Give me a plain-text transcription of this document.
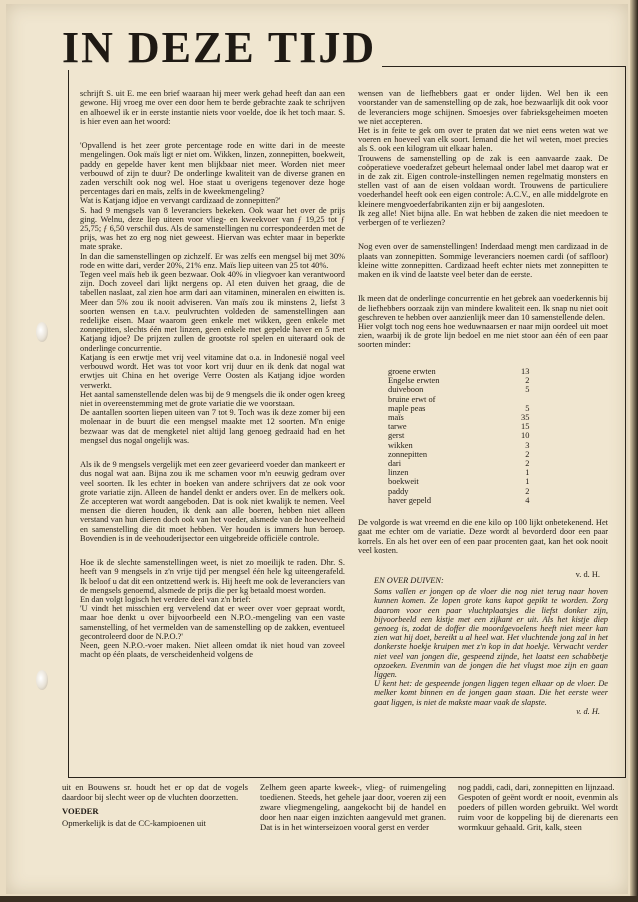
IN DEZE TIJD

schrijft S. uit E. me een brief waaraan hij meer werk gehad heeft dan aan een gewone. Hij vroeg me over een door hem te berde gebrachte zaak te schrijven en alhoewel ik er in eerste instantie niets voor voelde, doe ik het toch maar. S. is hier even aan het woord:

'Opvallend is het zeer grote percentage rode en witte dari in de meeste mengelingen. Ook maïs ligt er niet om. Wikken, linzen, zonnepitten, boekweit, paddy en gepelde haver kent men blijkbaar niet meer. Worden niet meer verbouwd of zijn te duur? De onderlinge kwaliteit van de diverse granen en zaden verschilt ook nog wel. Hoe staat u overigens tegenover deze hoge percentages dari en maïs, zelfs in de kweekmengeling?
Wat is Katjang idjoe en vervangt cardizaad de zonnepitten?'
S. had 9 mengsels van 8 leveranciers bekeken. Ook waar het over de prijs ging. Welnu, deze liep uiteen voor vlieg- en kweekvoer van ƒ 19,25 tot ƒ 25,75; ƒ 6,50 verschil dus. Als de samenstellingen nu correspondeerden met de prijs, was het zo erg nog niet geweest. Hiervan was echter maar in beperkte mate sprake.
In dan die samenstellingen op zichzelf. Er was zelfs een mengsel bij met 30% rode en witte dari, verder 20%, 21% enz. Maïs liep uiteen van 25 tot 40%.
Tegen veel maïs heb ik geen bezwaar. Ook 40% in vliegvoer kan verantwoord zijn. Doch zoveel dari lijkt nergens op. Al eten duiven het graag, die de tabellen naslaat, zal zien hoe arm dari aan vitaminen, mineralen en eiwitten is. Meer dan 5% zou ik nooit adviseren. Van maïs zou ik minstens 2, liefst 3 soorten wensen en t.a.v. peulvruchten voldeden de samenstellingen aan redelijke eisen. Maar waarom geen enkele met wikken, geen enkele met zonnepitten, slechts één met linzen, geen enkele met gepelde haver en 5 met Katjang idjoe? De prijzen zullen de grootste rol spelen en uiteraard ook de onderlinge concurrentie.
Katjang is een erwtje met vrij veel vitamine dat o.a. in Indonesië nogal veel verbouwd wordt. Het was tot voor kort vrij duur en ik denk dat nogal wat erwtjes uit China en het overige Verre Oosten als Katjang idjoe worden verwerkt.
Het aantal samenstellende delen was bij de 9 mengsels die ik onder ogen kreeg niet in overeenstemming met de grote variatie die we voorstaan.
De aantallen soorten liepen uiteen van 7 tot 9. Toch was ik deze zomer bij een molenaar in de buurt die een mengsel maakte met 12 soorten. M'n enige bezwaar was dat de mengketel niet altijd lang genoeg gedraaid had en het mengsel dus nogal ongelijk was.

Als ik de 9 mengsels vergelijk met een zeer gevarieerd voeder dan mankeert er dus nogal wat aan. Bijna zou ik me schamen voor m'n eeuwig gedram over veel soorten. Ik les echter in boeken van andere schrijvers dat ze ook voor grote variatie zijn. Alleen de handel denkt er anders over. En de melkers ook. Ze accepteren wat wordt aangeboden. Dat is ook niet kwalijk te nemen. Veel mensen die dieren houden, ik denk aan alle boeren, hebben niet alleen verstand van hun dieren doch ook van het voeder, alsmede van de hoeveelheid en samenstelling die dit moet hebben. Ver houden is immers hun beroep. Bovendien is in de veehouderijsector een uitgebreide officiële controle.

Hoe ik de slechte samenstellingen weet, is niet zo moeilijk te raden. Dhr. S. heeft van 9 mengsels in z'n vrije tijd per mengsel één hele kg uiteengerafeld. Ik beloof u dat dit een ontzettend werk is. Hij heeft me ook de leveranciers van de mengsels genoemd, alsmede de prijs die per kg betaald moest worden.
En dan volgt logisch het verdere deel van z'n brief:
'U vindt het misschien erg vervelend dat er weer over voer gepraat wordt, maar hoe denkt u over bijvoorbeeld een N.P.O.-mengeling van een vaste samenstelling, of het vermelden van de samenstelling op de zakken, eventueel gecontroleerd door de N.P.O.?'
Neen, geen N.P.O.-voer maken. Niet alleen omdat ik niet houd van zoveel macht op één plaats, de verscheidenheid volgens de

wensen van de liefhebbers gaat er onder lijden. Wel ben ik een voorstander van de samenstelling op de zak, hoe bezwaarlijk dit ook voor de leveranciers moge schijnen. Smoesjes over fabrieksgeheimen moeten we niet accepteren.
Het is in feite te gek om over te praten dat we niet eens weten wat we voeren en hoeveel van elk soort. Iemand die het wil weten, moet precies als S. ook een kilogram uit elkaar halen.
Trouwens de samenstelling op de zak is een aanvaarde zaak. De coöperatieve voederafzet gebeurt helemaal onder label met daarop wat er in de zak zit. Eigen controle-instellingen nemen regelmatig monsters en stellen vast of aan de eisen voldaan wordt. Trouwens de particuliere voederhandel heeft ook een eigen controle: A.C.V., en alle middelgrote en kleinere mengvoederfabrikanten zijn er bij aangesloten.
Ik zeg alle! Niet bijna alle. En wat hebben de zaken die niet meedoen te verbergen of te verliezen?

Nog even over de samenstellingen! Inderdaad mengt men cardizaad in de plaats van zonnepitten. Sommige leveranciers noemen cardi (of saffloor) kleine witte zonnepitten. Cardizaad heeft echter niets met zonnepitten te maken en ik vind de laatste veel beter dan de eerste.

Ik meen dat de onderlinge concurrentie en het gebrek aan voederkennis bij de liefhebbers oorzaak zijn van mindere kwaliteit een. Ik snap nu niet ooit geschreven te hebben over aanzienlijk meer dan 10 samenstellende delen.
Hier volgt toch nog eens hoe weduwnaarsen er naar mijn oordeel uit moet zien, waarbij ik de grote lijn bedoel en me niet stoor aan één of een paar soorten minder:

groene erwten	13
Engelse erwten	2
duiveboon	5
bruine erwt of	
maple peas	5
maïs	35
tarwe	15
gerst	10
wikken	3
zonnepitten	2
dari	2
linzen	1
boekweit	1
paddy	2
haver gepeld	4

De volgorde is wat vreemd en die ene kilo op 100 lijkt onbetekenend. Het gaat me echter om de variatie. Deze wordt al bevorderd door een paar korrels. En als het over een of een paar procenten gaat, kan het ook nooit veel kosten.

v. d. H.

EN OVER DUIVEN:
Soms vallen er jongen op de vloer die nog niet terug naar hoven kunnen komen. Ze lopen grote kans kapot gepikt te worden. Zorg daarom voor een paar vluchtplaatsjes die liefst donker zijn, bijvoorbeeld een kistje met een zijkant er uit. Als het kistje diep genoeg is, zodat de doffer die moordgevoelens heeft niet meer kan zien wat hij doet, bereikt u al heel wat. Het vluchtende jong zal in het donkerste hoekje kruipen met z'n kop in dat hoekje. Verwacht verder niet veel van jongen die, gespeend zijnde, het laatst een schabbetje opzoeken. Evenmin van de jongen die het vlugst moe zijn en gaan liggen.
U kent het: de gespeende jongen liggen tegen elkaar op de vloer. De melker komt binnen en de jongen gaan staan. Die het eerste weer gaat liggen, is niet de makste maar vaak de slapste.
v. d. H.
uit en Bouwens sr. houdt het er op dat de vogels daardoor bij slecht weer op de vluchten doorzetten.
VOEDER
Opmerkelijk is dat de CC-kampioenen uit
Zelhem geen aparte kweek-, vlieg- of ruimengeling toedienen. Steeds, het gehele jaar door, voeren zij een zware vliegmengeling, aangekocht bij de handel en door hen naar eigen inzichten aangevuld met granen. Dat is in het winterseizoen vooral gerst en verder
nog paddi, cadi, dari, zonnepitten en lijnzaad.
Gespoten of geënt wordt er nooit, evenmin als poeders of pillen worden gebruikt. Wel wordt ruim voor de koppeling bij de dierenarts een wormkuur gehaald. Grit, kalk, steen
